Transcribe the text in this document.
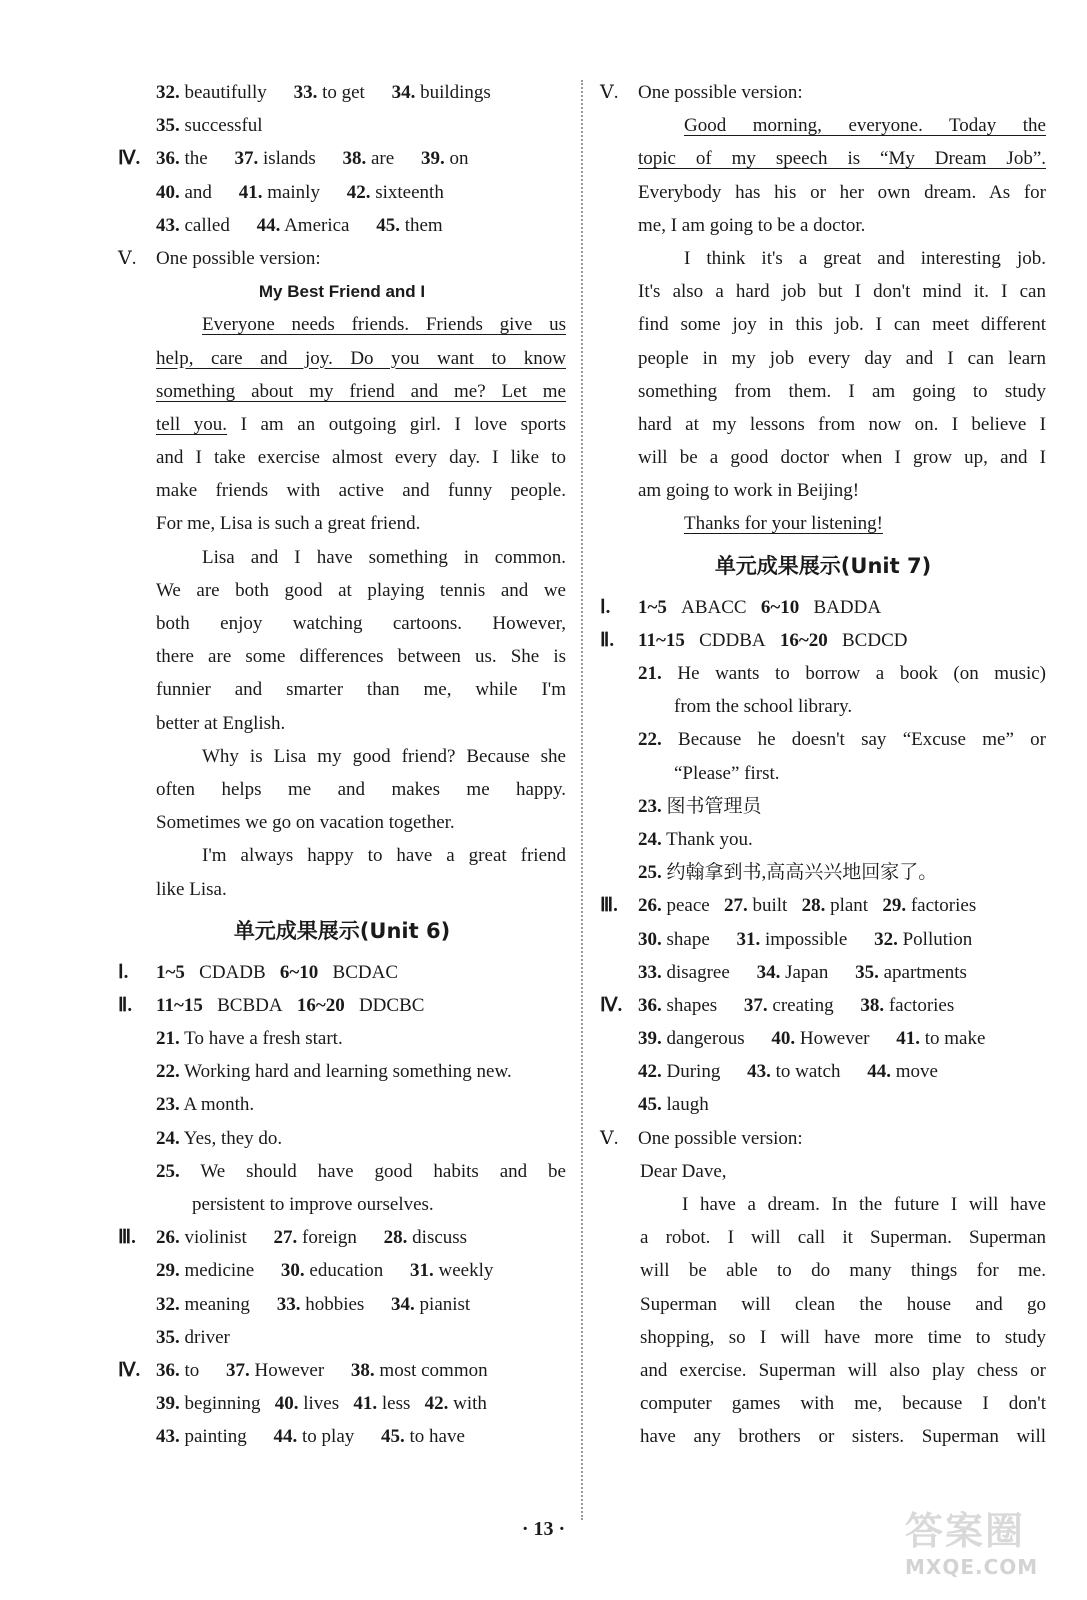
32. beautifully 33. to get 34. buildings
35. successful
Ⅳ. 36. the 37. islands 38. are 39. on
40. and 41. mainly 42. sixteenth
43. called 44. America 45. them
Ⅴ. One possible version:
My Best Friend and I
Everyone needs friends. Friends give us
help, care and joy. Do you want to know
something about my friend and me? Let me
tell you. I am an outgoing girl. I love sports
and I take exercise almost every day. I like to
make friends with active and funny people.
For me, Lisa is such a great friend.
Lisa and I have something in common.
We are both good at playing tennis and we
both enjoy watching cartoons. However,
there are some differences between us. She is
funnier and smarter than me, while I'm
better at English.
Why is Lisa my good friend? Because she
often helps me and makes me happy.
Sometimes we go on vacation together.
I'm always happy to have a great friend
like Lisa.
单元成果展示(Unit 6)
Ⅰ. 1~5 CDADB 6~10 BCDAC
Ⅱ. 11~15 BCBDA 16~20 DDCBC
21. To have a fresh start.
22. Working hard and learning something new.
23. A month.
24. Yes, they do.
25. We should have good habits and be
persistent to improve ourselves.
Ⅲ. 26. violinist 27. foreign 28. discuss
29. medicine 30. education 31. weekly
32. meaning 33. hobbies 34. pianist
35. driver
Ⅳ. 36. to 37. However 38. most common
39. beginning 40. lives 41. less 42. with
43. painting 44. to play 45. to have
Ⅴ. One possible version:
Good morning, everyone. Today the
topic of my speech is “My Dream Job”.
Everybody has his or her own dream. As for
me, I am going to be a doctor.
I think it's a great and interesting job.
It's also a hard job but I don't mind it. I can
find some joy in this job. I can meet different
people in my job every day and I can learn
something from them. I am going to study
hard at my lessons from now on. I believe I
will be a good doctor when I grow up, and I
am going to work in Beijing!
Thanks for your listening!
单元成果展示(Unit 7)
Ⅰ. 1~5 ABACC 6~10 BADDA
Ⅱ. 11~15 CDDBA 16~20 BCDCD
21. He wants to borrow a book (on music)
from the school library.
22. Because he doesn't say “Excuse me” or
“Please” first.
23. 图书管理员
24. Thank you.
25. 约翰拿到书,高高兴兴地回家了。
Ⅲ. 26. peace 27. built 28. plant 29. factories
30. shape 31. impossible 32. Pollution
33. disagree 34. Japan 35. apartments
Ⅳ. 36. shapes 37. creating 38. factories
39. dangerous 40. However 41. to make
42. During 43. to watch 44. move
45. laugh
Ⅴ. One possible version:
Dear Dave,
I have a dream. In the future I will have
a robot. I will call it Superman. Superman
will be able to do many things for me.
Superman will clean the house and go
shopping, so I will have more time to study
and exercise. Superman will also play chess or
computer games with me, because I don't
have any brothers or sisters. Superman will
· 13 ·	答案圈
MXQE.COM
